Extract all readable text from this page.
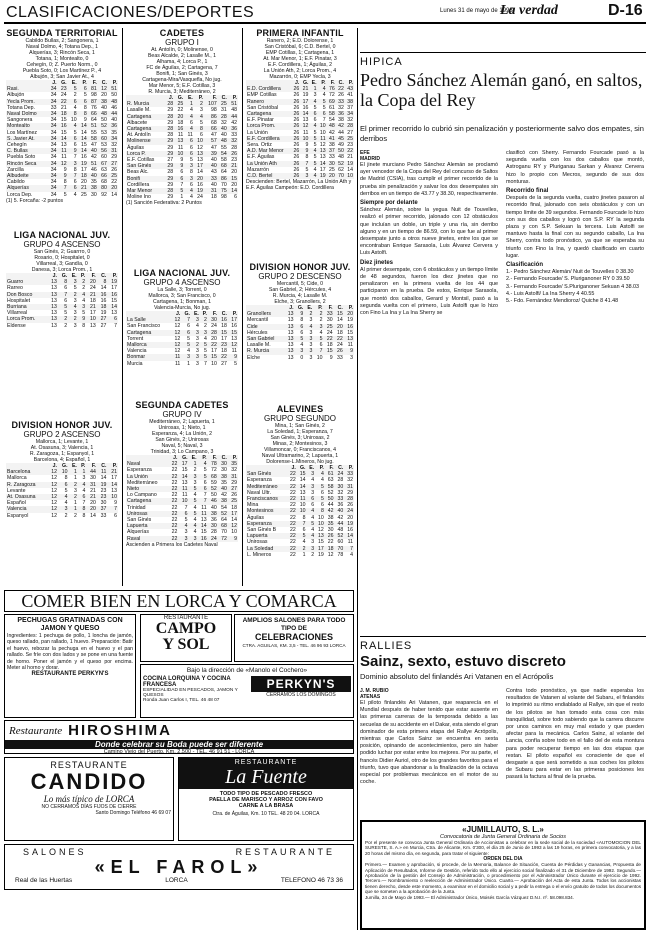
CLASIFICACIONES/DEPORTES	Lunes 31 de mayo de 1993
La verdad	D-16
SEGUNDA TERRITORIAL
Cabildo Bullas, 2; Sangonera, 1
Naval Dolmo, 4; Totana Dep., 1
Alquerías, 3; Rincón Seca, 1
Totana, 1; Montealto, 0
Cehegín, 0; Z. Puerto Norm., 0
Puebla Soto, 0; Los Martínez P., 4
Albujón, 3; San Javier At., 4
	J.	G.	E.	P.	F.	C.	P.
Rasi.	34	23	5	6	81	12	51
Albujón	34	24	2	5	98	20	50
Yecla Prom.	34	22	6	6	87	38	48
Totana Dep.	33	21	4	8	76	40	46
Naval Dolmo	34	18	8	8	66	48	44
Sangonera	34	15	10	9	64	50	40
Montealto	34	16	4	14	51	52	36
Los Martínez	34	15	5	14	55	53	35
S. Javier At.	34	14	6	14	58	60	34
Cehegín	34	13	6	15	47	53	32
C. Bullas	34	11	9	14	40	56	31
Puebla Soto	34	11	7	16	42	60	29
Rincón Seca	34	12	3	19	51	67	27
Zarcilla	34	9	8	17	46	63	26
Albudeite	34	9	7	18	40	66	25
Cabildo	34	8	6	20	35	68	22
Alquerías	34	7	6	21	38	80	20
Lorca Dep.	34	5	4	25	30	92	14
(1) 5. Forcaña: -2 puntos
LIGA NACIONAL JUV.
GRUPO 4 ASCENSO
San Ginés, 2; Guarrro, 0
Rosario, 0; Hospitalet, 0
Villarreal, 3; Gandía, 0
Danesa, 3; Lorca Prom., 1
	J.	G.	E.	P.	F.	C.	P.
Guarro	13	8	3	2	20	8	19
Rarreo	13	6	5	2	24	14	17
Don Bosco	13	7	2	4	21	16	16
Hospitalet	13	6	3	4	18	16	15
Burriana	13	5	4	3	21	18	14
Villarreal	13	5	3	5	17	19	13
Lorca Prom.	13	2	2	9	10	27	6
Eldense	13	2	3	8	13	27	7
DIVISION HONOR JUV.
GRUPO 2 ASCENSO
Mallorca, 1; Levante, 1
At. Osasuna, 3; Valencia, 1
R. Zaragoza, 1; Espanyol, 1
Barcelona, 4; Español, 1
	J.	G.	E.	P.	F.	C.	P.
Barcelona	12	10	1	1	44	11	21
Mallorca	12	8	1	3	30	14	17
R. Zaragoza	12	6	2	4	31	19	14
Levante	12	5	3	4	21	23	13
At. Osasuna	12	4	2	6	21	23	10
Español	12	4	1	7	20	30	9
Valencia	12	3	1	8	20	37	7
Espanyol	12	2	2	8	14	33	6
CADETES
GRUPO I
At. Antolín, 0; Molinense, 0
Beas Alcalde, 2; Lasalle M., 1
Alhama, 4; Lorca P., 1
FC de Águilas, 2; Cartagena, 7
Bonifi, 1; San Ginés, 3
Cartagena-Mira/Vasquefla, No jug.
Mar Menor, 5; E.F. Cotillas, 3
R. Murcia, 3; Mediterráneo, 2
	J.	G.	E.	P.	F.	C.	P.
R. Murcia	28	25	1	2	107	25	51
Lasalle M.	29	22	4	3	98	31	48
Cartagena	28	20	4	4	86	28	44
Albacete	29	18	6	5	68	32	42
Cartagena	28	16	4	8	66	40	36
At. Antolín	28	11	11	6	47	40	33
Molinense	29	13	6	10	57	48	32
Águilas	29	11	6	12	47	55	28
Lorca P.	29	10	6	13	39	54	26
E.F. Cotillas	27	9	5	13	40	58	23
San Ginés	29	9	3	17	40	68	21
Beas Alc.	28	6	8	14	43	64	20
Bonifi	29	6	3	20	33	86	15
Cordillera	29	7	6	16	40	70	20
Mar Menor	28	5	4	19	31	75	14
Moline Ino	29	1	4	24	18	98	6
(1) Sanción Federativa: 2 Puntos
LIGA NACIONAL JUV.
GRUPO 4 ASCENSO
La Salle, 3; Torrent, 0
Mallorca, 3; San Francisco, 0
Cartagena, 1; Bonman, 1
Valencia-Murcia, No jug.
	J.	G.	E.	P.	F.	C.	P.
La Salle	12	7	3	2	30	16	17
San Francisco	12	6	4	2	24	18	16
Cartagena	12	6	3	3	28	15	15
Torrent	12	5	3	4	20	17	13
Mallorca	12	5	2	5	22	23	12
Valencia	12	4	3	5	17	18	11
Bonmar	11	3	3	5	15	22	9
Murcia	11	1	3	7	10	27	5
SEGUNDA CADETES
GRUPO IV
Mediterráneo, 2; Lapuerta, 1
Unirosas, 1; Nieto, 1
Esperanza, 4; La Unión, 2
San Ginés, 2; Unirosas
Naval, 5; Naval, 3
Trinidad, 3; Lo Campano, 3
	J.	G.	E.	P.	F.	C.	P.
Naval	22	17	1	4	78	30	35
Esperanza	22	15	2	5	72	30	32
La Unión	22	14	3	5	68	38	31
Mediterráneo	22	13	3	6	59	35	29
Nieto	22	11	5	6	52	40	27
Lo Campano	22	11	4	7	50	42	26
Cartagena	22	10	5	7	46	38	25
Trinidad	22	7	4	11	40	54	18
Unirosas	22	6	5	11	38	52	17
San Ginés	22	5	4	13	36	64	14
Lapuerta	22	4	4	14	30	68	12
Alquerías	22	3	4	15	28	70	10
Raval	22	3	3	16	24	72	9
Ascienden a Primera los Cadetes Naval
PRIMERA INFANTIL
Ranero, 2; E.D. Dolorense, 1
San Cristóbal, 6; C.D. Bertel, 0
EMP Cotillas, 1; Cartagena, 1
At. Mar Menor, 1; E.F. Pinatar, 3
E.F. Cordillera, 1; Águilas, 2
La Unión Ath, 2; Lorca Prom., 4
Mazarrón, 0; EMP Yecla, 3
	J.	G.	E.	P.	F.	C.	P.
E.D. Cordillera	26	21	1	4	76	22	43
EMP Cotillas	26	19	3	4	72	26	41
Ranero	26	17	4	5	69	33	38
San Cristóbal	26	16	5	5	61	32	37
Cartagena	26	14	6	6	58	36	34
E.F. Pinatar	26	13	6	7	54	38	32
Lorca Prom.	26	12	4	10	48	42	28
La Unión	26	11	5	10	42	44	27
E.F. Cordillera	26	10	5	11	41	45	25
Sera. Ortiz	26	9	5	12	38	49	23
A.D. Mar Menor	26	9	4	13	37	50	22
E.F. Águilas	26	8	5	13	33	48	21
La Unión Ath	26	7	5	14	30	52	19
Mazarrón	26	5	4	17	25	62	14
C.D. Bertel	26	3	4	19	20	70	10
Descienden: Bertel, Mazarrón, La Unión Ath y E.F. Águilas Campeón: E.D. Cordillera
DIVISION HONOR JUV.
GRUPO 2 DESCENSO
Mercantil, 5; Cide, 0
San Gabriel, 2; Hércules, 4
R. Murcia, 4; Lasalle M.
Elche, 3; Granollers, 2
	J.	G.	E.	P.	F.	C.	P.
Granollers	13	9	2	2	33	15	20
Mercantil	13	8	3	2	30	14	19
Cide	13	6	4	3	25	20	16
Hércules	13	6	3	4	24	18	15
San Gabriel	13	5	3	5	22	22	13
Lasalle M.	13	4	3	6	18	24	11
R. Murcia	13	3	3	7	15	26	9
Elche	13	0	3	10	9	33	3
ALEVINES
GRUPO SEGUNDO
Mina, 1; San Ginés, 2
La Soledad, 1; Esperanza, 7
San Ginés, 3; Unirosas, 2
Minas, 2; Montesinos, 3
Villamoncar, 0; Franciscanos, 4
Naval Ultramarino, 2; Lapuerta, 1
Dolorense-L.Mineros, No jug.
	J.	G.	E.	P.	F.	C.	P.
San Ginés	22	15	3	4	61	24	33
Esperanza	22	14	4	4	63	28	32
Mediterráneo	22	14	3	5	58	30	31
Naval Ultr.	22	13	3	6	52	32	29
Franciscanos	22	11	6	5	50	33	28
Mina	22	10	6	6	44	36	26
Montesinos	22	10	4	8	42	40	24
Águilas	22	8	4	10	38	42	20
Esperanza	22	7	5	10	35	44	19
San Ginés B	22	6	4	12	30	48	16
Lapuerta	22	5	4	13	26	52	14
Unirosas	22	4	3	15	22	60	11
La Soledad	22	2	3	17	18	70	7
L. Mineros	22	1	2	19	12	78	4
HIPICA
Pedro Sánchez Alemán ganó, en saltos, la Copa del Rey
El primer recorrido lo cubrió sin penalización y posteriormente salvo dos empates, sin derribos
EFE
MADRID

El jinete murciano Pedro Sánchez Alemán se proclamó ayer vencedor de la Copa del Rey del concurso de Saltos de Madrid (CSIA), tras cumplir el primer recorrido de la prueba sin penalización y salvar los dos desempates sin derribos en un tiempo de 43.77 y 38.30, respectivamente.

Siempre por delante

Sánchez Alemán, sobre la yegua Nuit de Touvelles, realizó el primer recorrido, jalonado con 12 obstáculos que incluían un doble, un triple y una ría, sin derribo alguno y en un tiempo de 86.59, con lo que fue al primer desempate junto a otros nueve jinetes, entre los que se encontraban Enrique Sarasola, Luis Álvarez Cervera y Luis Astolfi.

Diez jinetes

Al primer desempate, con 6 obstáculos y un tiempo límite de 48 segundos, fueron los diez jinetes que no penalizaron en la primera vuelta de los 44 que participaron en la prueba. De estos, Enrique Sarasola, que montó dos caballos, Gerard y Montsil, pasó a la segunda vuelta con el primero, Luis Astolfi que lo hizo con Fino La Ina y La Ina Sherry se

clasificó con Sherry. Fernando Fourcade pasó a la segunda vuelta con los dos caballos que montó, Astroganu RY y Pluriganau Sarkan y Álvarez Cervera hizo lo propio con Mecros, segundo de sus dos monturas.

Recorrido final

Después de la segunda vuelta, cuatro jinetes pasaron al recorrido final, jalonado con seis obstáculos y con un tiempo límite de 39 segundos. Fernando Fourcade lo hizo con sus dos caballos y logró con S.P. RY la segunda plaza y con S.P. Sekuan la tercera. Luis Astolfi se mantuvo hasta la final con su segundo caballo, La Ina Sherry, contra todo pronóstico, ya que se esperaba su triunfo con Fino la Ina, y quedó clasificado en cuarto lugar.

Clasificación
1.- Pedro Sánchez Alemán/ Nuit de Touvelles 0 38.30
2.- Fernando Fourcade/ S. Pluriganoner RY 0 39.50
3.- Fernando Fourcade/ S.Pluriganoner Sekuan 4 38.03
4.- Luis Astolfi/ La Ina Sherry 4 40.55
5.- Fdo. Fernández Mendioroz/ Quiche 8 41.48
RALLIES
Sainz, sexto, estuvo discreto
Dominio absoluto del finlandés Ari Vatanen en el Acrópolis
J. M. RUBIO
ATENAS

El piloto finlandés Ari Vatanen, que reaparecía en el Mundial después de haber tenido que estar ausente en las primeras carreras de la temporada debido a las secuelas de su accidente en el Dakar, esta siendo el gran dominador de esta primera etapa del Rallye Acrópolis, mientras que Carlos Sainz se encuentra en sexta posición, opinando de acontecimientos, pero sin haber podido luchar por estar entre los mejores. Por su parte, el francés Didier Auriol, otro de los grandes favoritos para el triunfo, tuvo que abandonar a la finalización de la octava especial por problemas mecánicos en el motor de su coche.

Contra todo pronóstico, ya que nadie esperaba los resultados de Vatanen al volante del Subaru, el finlandés lo imprimió su ritmo endiablado al Rallye, sin que el resto de los pilotos se han tomado esta cosa con más tranquilidad, sobre todo sabiendo que la carrera discurre por unos caminos en muy mal estado y que pueden afectar para la mecánica. Carlos Sainz, al volante del Lancia, confía sobre todo en el fallo del de esta montura para poder recuperar tiempo en las dos etapas que restan. El piloto español es consciente de que el desgaste a que será sometido a sus coches los pilotos de Subaru para estar en las primeras posiciones les pasará la factura al final de la prueba.

COMER BIEN EN LORCA Y COMARCA
PECHUGAS GRATINADAS CON JAMON Y QUESO
Ingredientes: 1 pechuga de pollo, 1 loncha de jamón, queso rallado, pan rallado, 1 huevo. Preparación: Batir el huevo, rebozar la pechuga en el huevo y el pan rallado. Se fríe con dos lados y se pone en una fuente de horno. Poner el jamón y el queso por encima. Meter al horno y dorar.
RESTAURANTE PERKYN'S
RESTAURANTE
CAMPO
Y SOL
AMPLIOS SALONES PARA TODO TIPO DE
CELEBRACIONES
CTRA. AGUILAS, KM. 3,5 - TEL. 46 96 93 LORCA
Bajo la dirección de «Manolo el Cochero»
COCINA LORQUINA Y COCINA FRANCESA
ESPECIALIDAD EN PESCADOS, JAMON Y QUESOS
Ronda Juan Carlos I, TEL. 46 48 07
PERKYN'S
CERRAMOS LOS DOMINGOS
Restaurante HIROSHIMA
Donde celebrar su Boda puede ser diferente
Camino Viejo del Puerto, Km. 2,500 - TEL. 46 91 51 - LORCA
RESTAURANTE
CANDIDO
Lo más típico de LORCA
NO CERRAMOS DÍAS FIJOS DE CIERRE
Santo Domingo Teléfono 46 69 07
RESTAURANTE
La Fuente
TODO TIPO DE PESCADO FRESCO
PAELLA DE MARISCO Y ARROZ CON FAVO
CARNE A LA BRASA
Ctra. de Águilas, Km. 10 TEL. 48 20 04. LORCA
SALONES	RESTAURANTE
«EL FAROL»
Real de las Huertas	LORCA	TELEFONO 46 73 36
«JUMILLAUTO, S. L.»
Convocatoria de Junta General Ordinaria de Socios
Por el presente se convoca Junta General Ordinaria de Accionistas a celebrar en la sede social de la sociedad «AUTOMOCION DEL SURESTE, S. A.» en Murcia, Ctra. de Alicante, Km. 0'300, el día 25 de Junio de 1993 a las 19 horas, en primera convocatoria, y a las 20 horas del mismo día, en segunda, para tratar el siguiente:
ORDEN DEL DIA
Primero.— Examen y aprobación, si procede, de la Memoria, Balance de Situación, Cuenta de Pérdidas y Ganancias, Propuesta de Aplicación de Resultados, Informe de Gestión, referido todo ello al ejercicio social finalizado el 31 de Diciembre de 1992. Segundo.— Aprobación de la gestión del Consejo de Administración, o procedimiento por el Administrador Único durante el ejercicio de 1992. Tercero.— Nombramiento o reelección de Administrador Único. Cuarto.— Aprobación del Acta de esta Junta. Todos los accionistas tienen derecho, desde este momento, a examinar en el domicilio social y a pedir la entrega o el envío gratuito de todos los documentos que se someten a la aprobación de la Junta.
Jumilla, 24 de Mayo de 1993.— El Administrador Único, Moisés García Vázquez D.N.I. nº. 58.098.834.
